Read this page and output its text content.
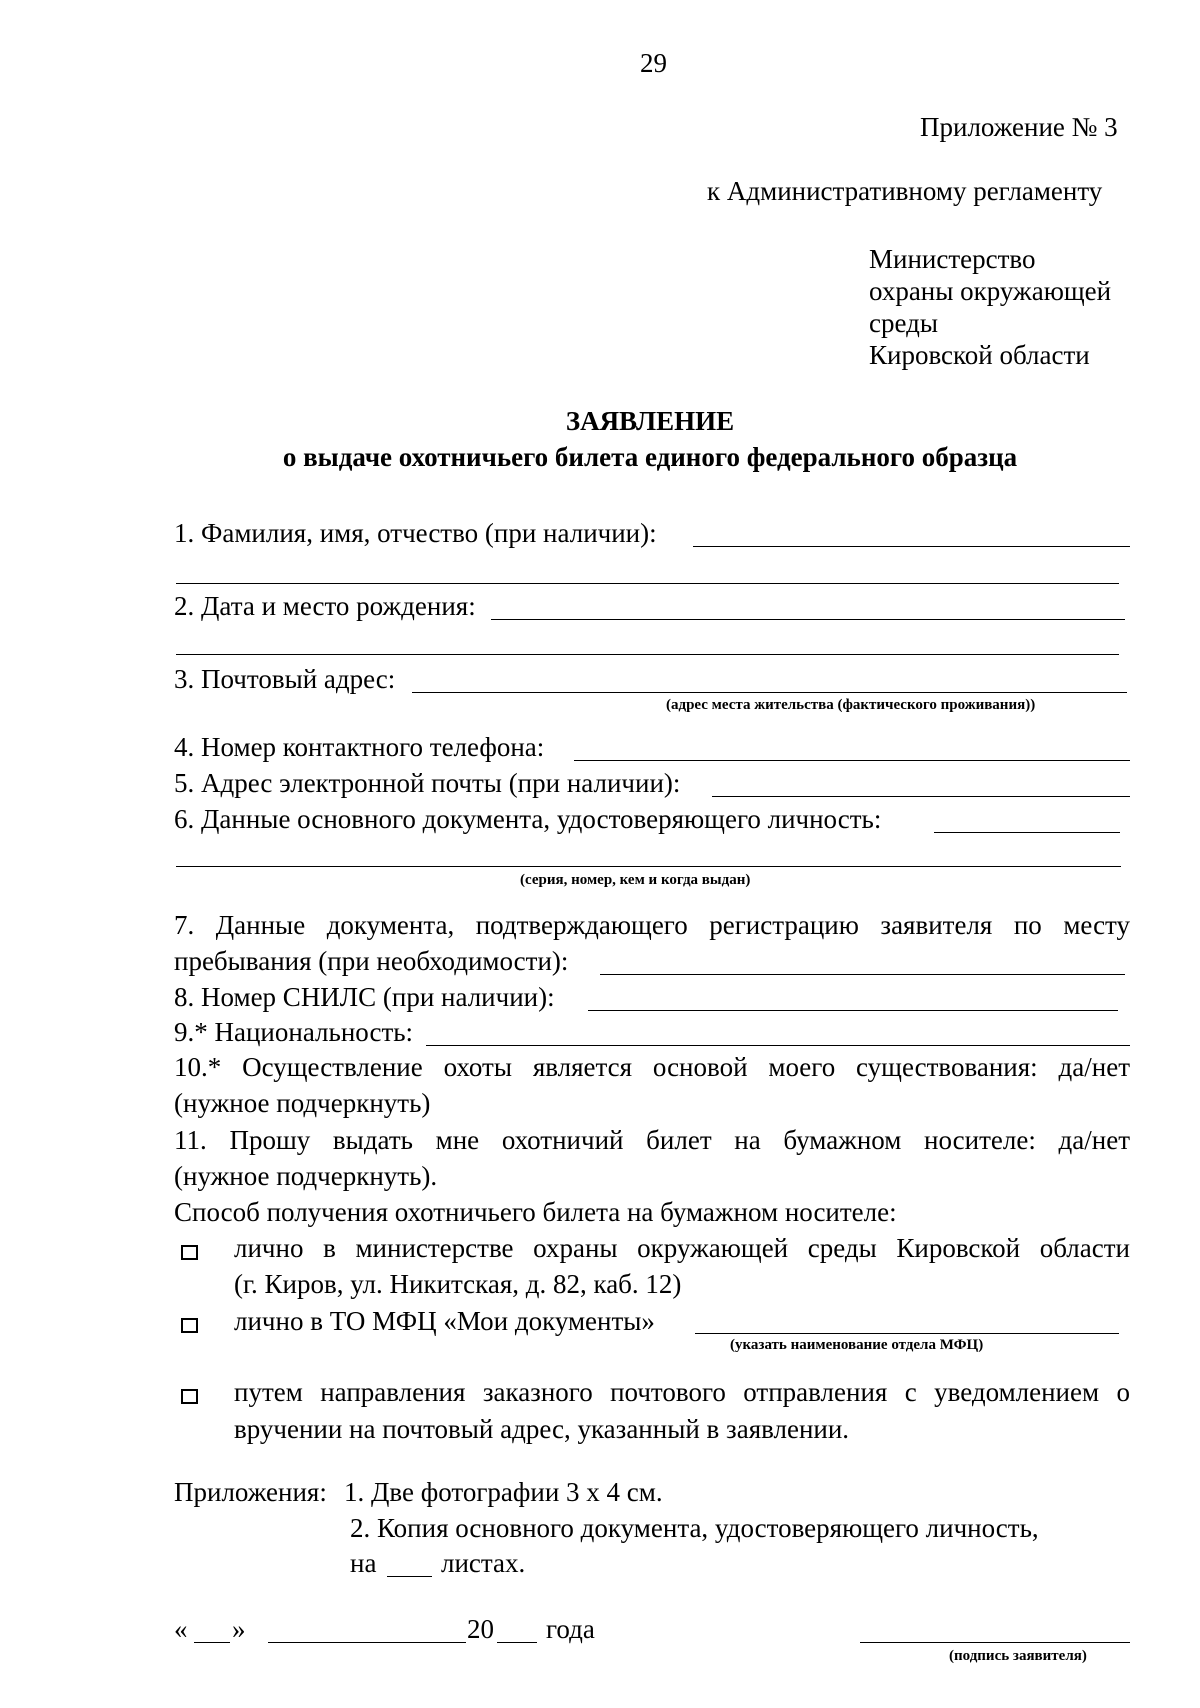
29
Приложение № 3
к Административному регламенту
Министерство
охраны окружающей
среды
Кировской области
ЗАЯВЛЕНИЕ
о выдаче охотничьего билета единого федерального образца
1. Фамилия, имя, отчество (при наличии):
2. Дата и место рождения:
3. Почтовый адрес:
(адрес места жительства (фактического проживания))
4. Номер контактного телефона:
5. Адрес электронной почты (при наличии):
6. Данные основного документа, удостоверяющего личность:
(серия, номер, кем и когда выдан)
7. Данные документа, подтверждающего регистрацию заявителя по месту
пребывания (при необходимости):
8. Номер СНИЛС (при наличии):
9.* Национальность:
10.* Осуществление охоты является основой моего существования: да/нет
(нужное подчеркнуть)
11. Прошу выдать мне охотничий билет на бумажном носителе: да/нет
(нужное подчеркнуть).
Способ получения охотничьего билета на бумажном носителе:
лично в министерстве охраны окружающей среды Кировской области
(г. Киров, ул. Никитская, д. 82, каб. 12)
лично в ТО МФЦ «Мои документы»
(указать наименование отдела МФЦ)
путем направления заказного почтового отправления с уведомлением о
вручении на почтовый адрес, указанный в заявлении.
Приложения: 1. Две фотографии 3 х 4 см.
2. Копия основного документа, удостоверяющего личность,
на листах.
« »	20 года
(подпись заявителя)
